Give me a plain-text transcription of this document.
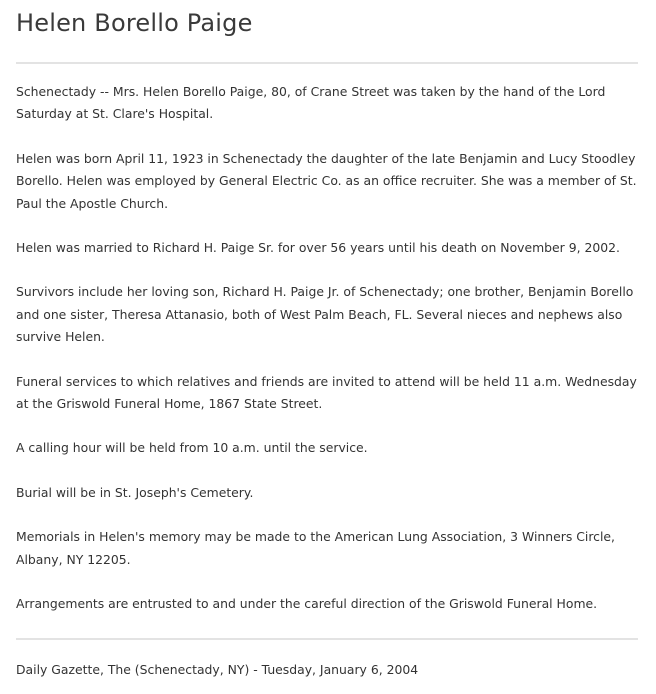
Helen Borello Paige

Schenectady -- Mrs. Helen Borello Paige, 80, of Crane Street was taken by the hand of the Lord Saturday at St. Clare's Hospital.

Helen was born April 11, 1923 in Schenectady the daughter of the late Benjamin and Lucy Stoodley Borello. Helen was employed by General Electric Co. as an office recruiter. She was a member of St. Paul the Apostle Church.

Helen was married to Richard H. Paige Sr. for over 56 years until his death on November 9, 2002.

Survivors include her loving son, Richard H. Paige Jr. of Schenectady; one brother, Benjamin Borello and one sister, Theresa Attanasio, both of West Palm Beach, FL. Several nieces and nephews also survive Helen.

Funeral services to which relatives and friends are invited to attend will be held 11 a.m. Wednesday at the Griswold Funeral Home, 1867 State Street.

A calling hour will be held from 10 a.m. until the service.

Burial will be in St. Joseph's Cemetery.

Memorials in Helen's memory may be made to the American Lung Association, 3 Winners Circle, Albany, NY 12205.

Arrangements are entrusted to and under the careful direction of the Griswold Funeral Home.

Daily Gazette, The (Schenectady, NY) - Tuesday, January 6, 2004
